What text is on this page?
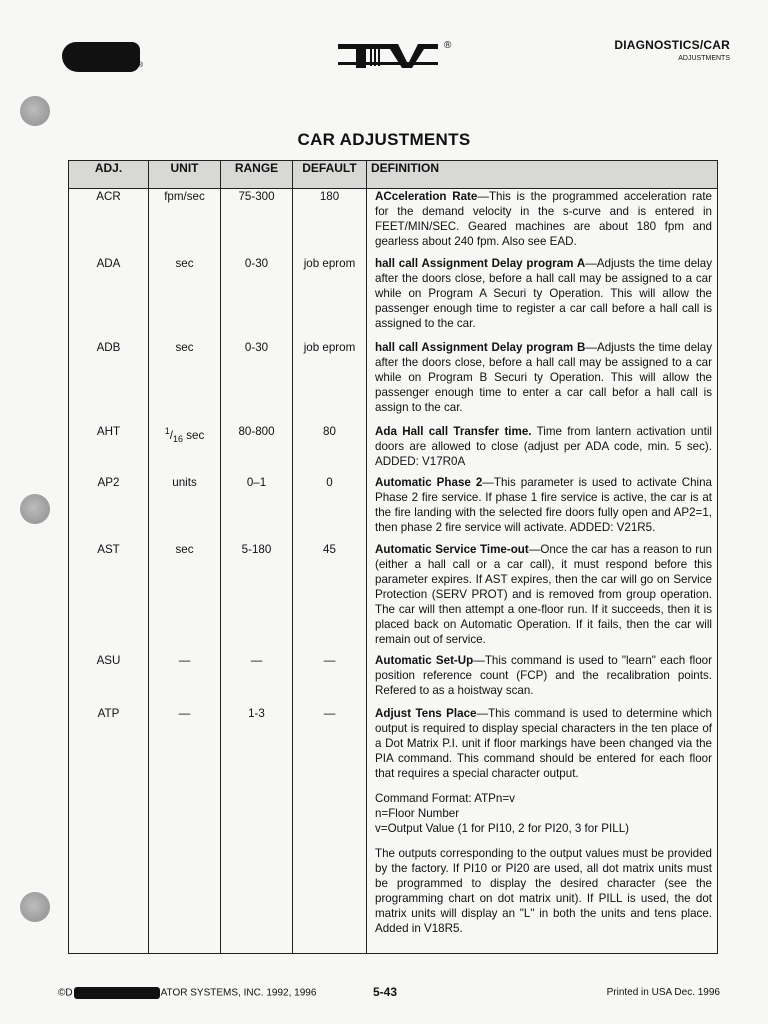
®
®	DIAGNOSTICS/CAR
ADJUSTMENTS
CAR ADJUSTMENTS
ADJ.	UNIT	RANGE	DEFAULT	DEFINITION
ACR	fpm/sec	75-300	180	ACceleration Rate—This is the programmed acceleration rate for the demand velocity in the s-curve and is entered in FEET/MIN/SEC. Geared machines are about 180 fpm and gearless about 240 fpm. Also see EAD.
ADA	sec	0-30	job eprom	hall call Assignment Delay program A—Adjusts the time delay after the doors close, before a hall call may be assigned to a car while on Program A Securi ty Operation. This will allow the passenger enough time to register a car call before a hall call is assigned to the car.
ADB	sec	0-30	job eprom	hall call Assignment Delay program B—Adjusts the time delay after the doors close, before a hall call may be assigned to a car while on Program B Securi ty Operation. This will allow the passenger enough time to enter a car call befor a hall call is assign to the car.
AHT	$^1/_{16}$ sec	80-800	80	Ada Hall call Transfer time. Time from lantern activation until doors are allowed to close (adjust per ADA code, min. 5 sec). ADDED: V17R0A
AP2	units	0–1	0	Automatic Phase 2—This parameter is used to activate China Phase 2 fire service. If phase 1 fire service is active, the car is at the fire landing with the selected fire doors fully open and AP2=1, then phase 2 fire service will activate. ADDED: V21R5.
AST	sec	5-180	45	Automatic Service Time-out—Once the car has a reason to run (either a hall call or a car call), it must respond before this parameter expires. If AST expires, then the car will go on Service Protection (SERV PROT) and is removed from group operation. The car will then attempt a one-floor run. If it succeeds, then it is placed back on Automatic Operation. If it fails, then the car will remain out of service.
ASU	—	—	—	Automatic Set-Up—This command is used to "learn" each floor position reference count (FCP) and the recalibration points. Refered to as a hoistway scan.
ATP	—	1-3	—	Adjust Tens Place—This command is used to determine which output is required to display special characters in the ten place of a Dot Matrix P.I. unit if floor markings have been changed via the PIA command. This command should be entered for each floor that requires a special character output.

Command Format: ATPn=v

n=Floor Number

v=Output Value (1 for PI10, 2 for PI20, 3 for PILL)

The outputs corresponding to the output values must be provided by the factory. If PI10 or PI20 are used, all dot matrix units must be programmed to display the desired character (see the programming chart on dot matrix unit). If PILL is used, the dot matrix units will display an "L" in both the units and tens place. Added in V18R5.

©D	ATOR SYSTEMS, INC. 1992, 1996	5-43	Printed in USA Dec. 1996
